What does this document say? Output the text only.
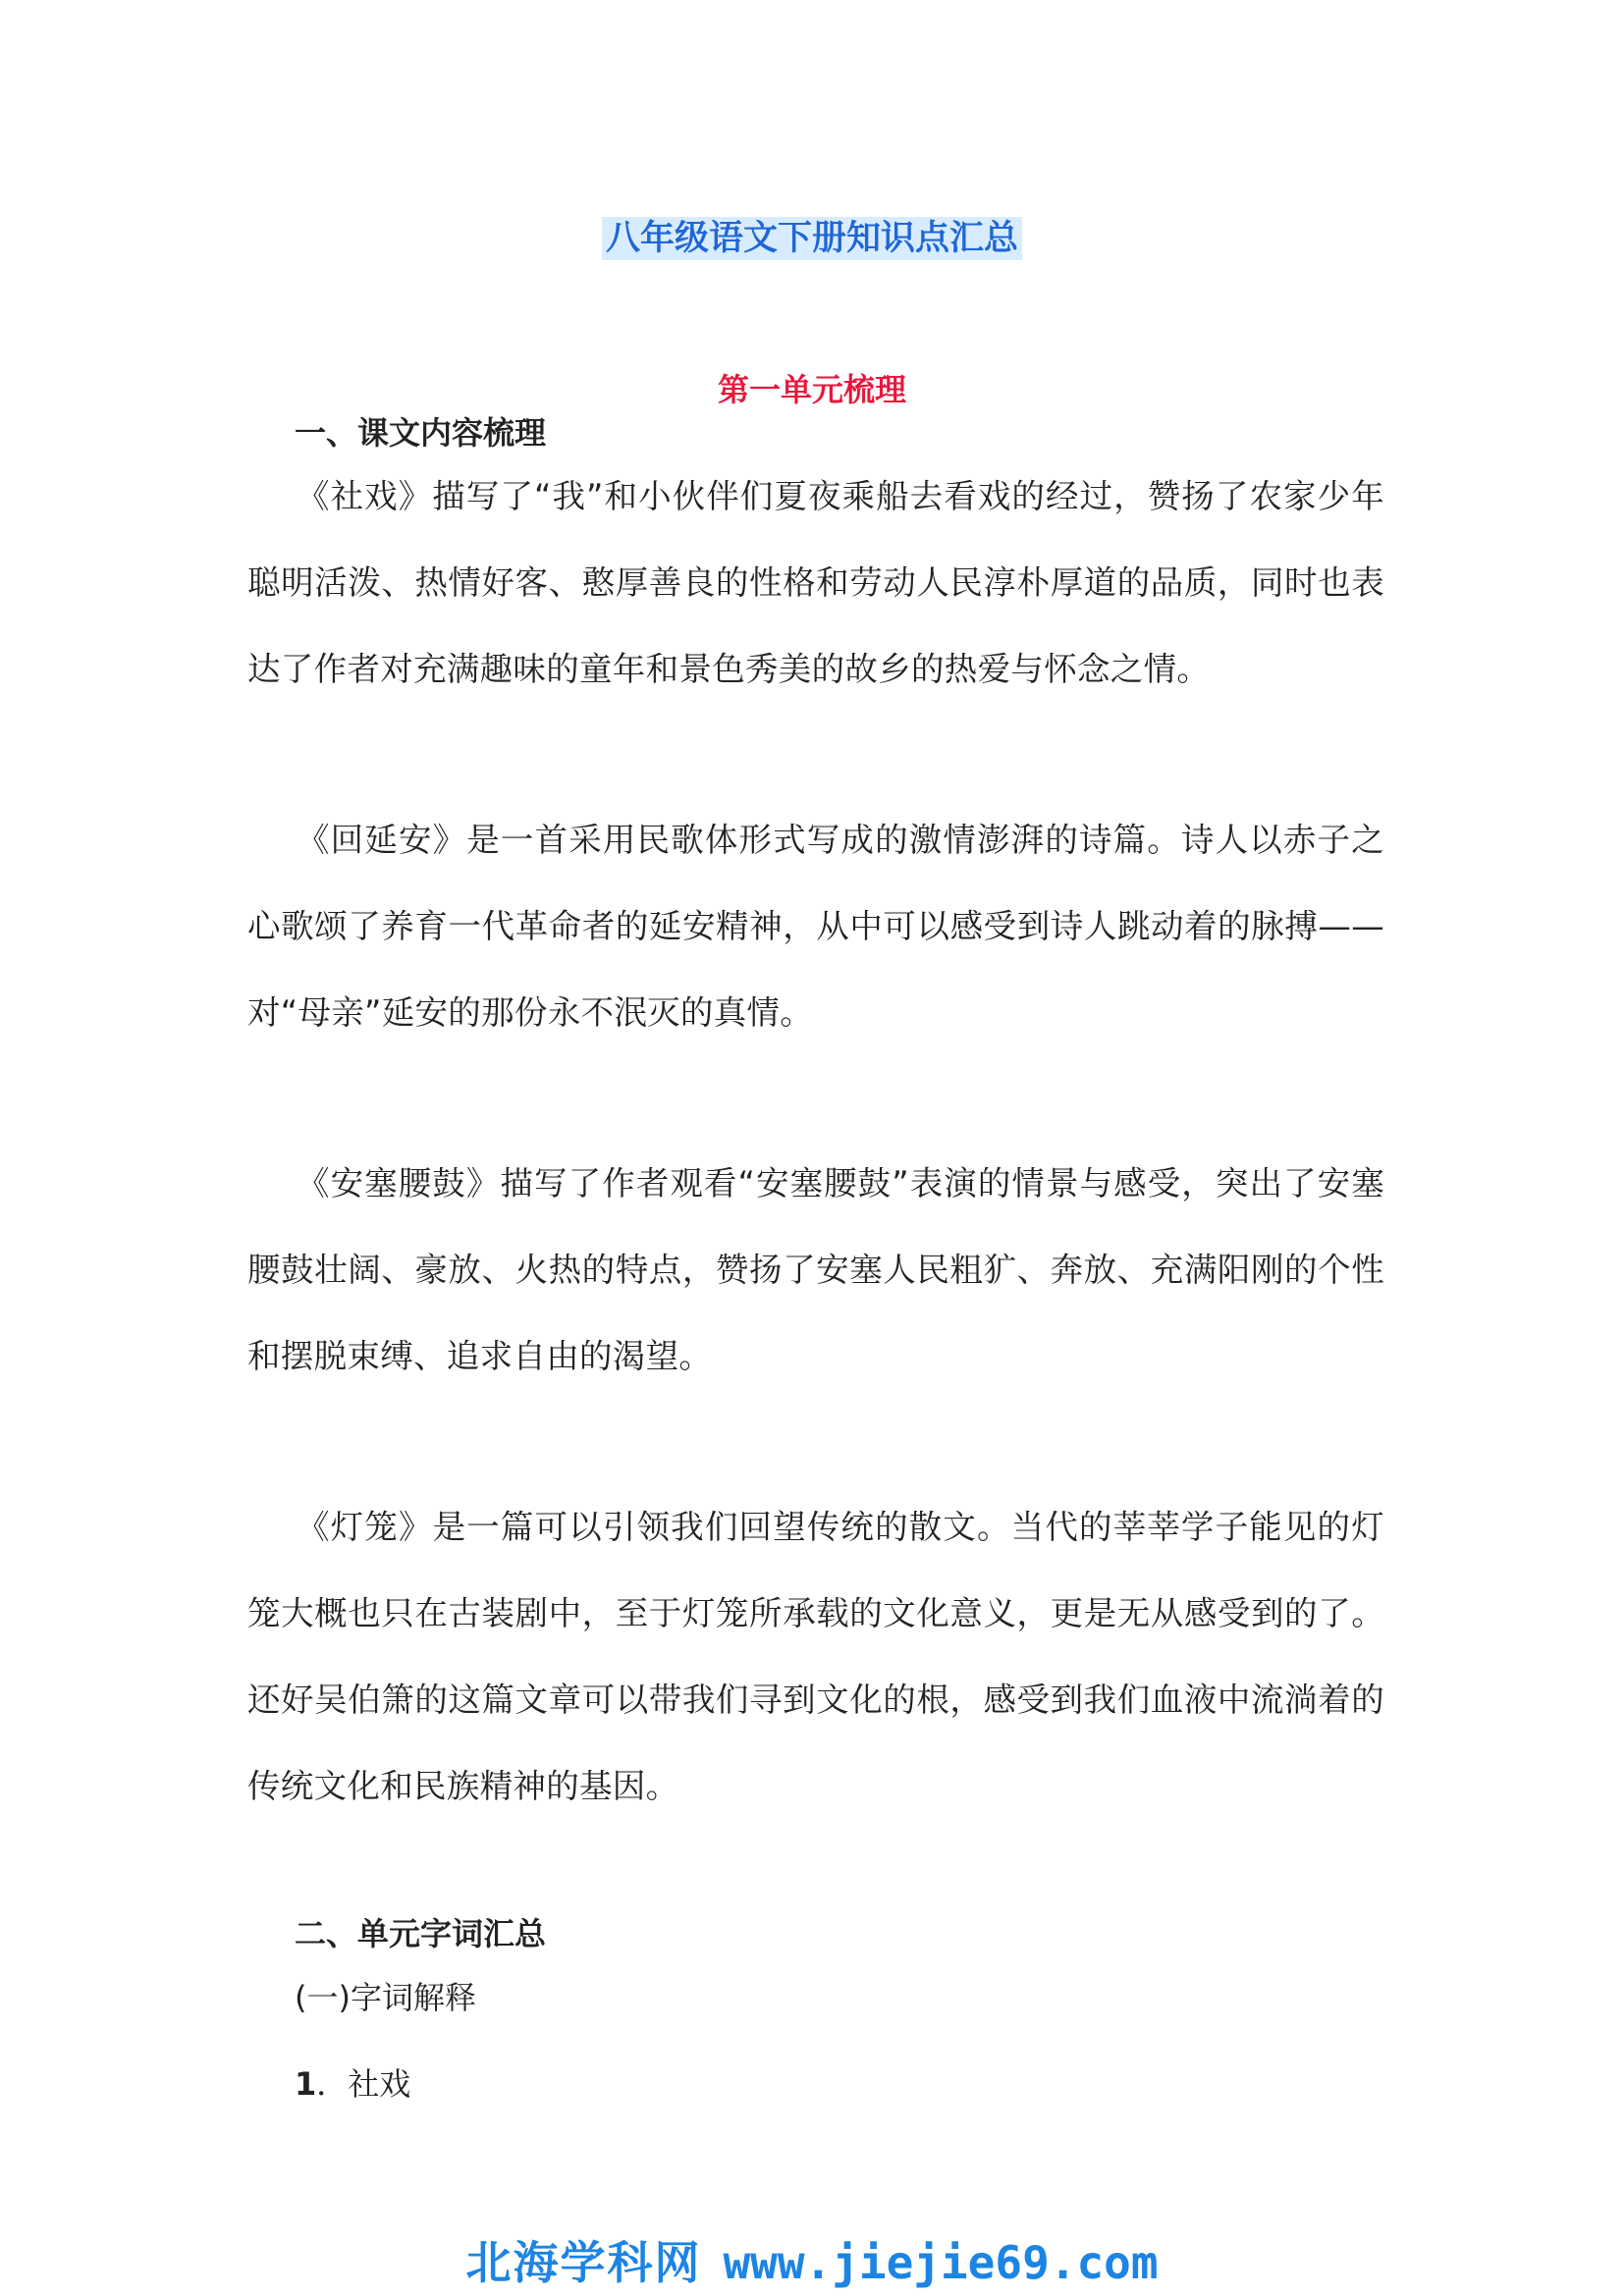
八年级语文下册知识点汇总
第一单元梳理
一、课文内容梳理

《社戏》描写了“我”和小伙伴们夏夜乘船去看戏的经过，赞扬了农家少年聪明活泼、热情好客、憨厚善良的性格和劳动人民淳朴厚道的品质，同时也表达了作者对充满趣味的童年和景色秀美的故乡的热爱与怀念之情。

《回延安》是一首采用民歌体形式写成的激情澎湃的诗篇。诗人以赤子之心歌颂了养育一代革命者的延安精神，从中可以感受到诗人跳动着的脉搏——对“母亲”延安的那份永不泯灭的真情。

《安塞腰鼓》描写了作者观看“安塞腰鼓”表演的情景与感受，突出了安塞腰鼓壮阔、豪放、火热的特点，赞扬了安塞人民粗犷、奔放、充满阳刚的个性和摆脱束缚、追求自由的渴望。

《灯笼》是一篇可以引领我们回望传统的散文。当代的莘莘学子能见的灯笼大概也只在古装剧中，至于灯笼所承载的文化意义，更是无从感受到的了。还好吴伯箫的这篇文章可以带我们寻到文化的根，感受到我们血液中流淌着的传统文化和民族精神的基因。

二、单元字词汇总
(一)字词解释

1．社戏

北海学科网 www.jiejie69.com
